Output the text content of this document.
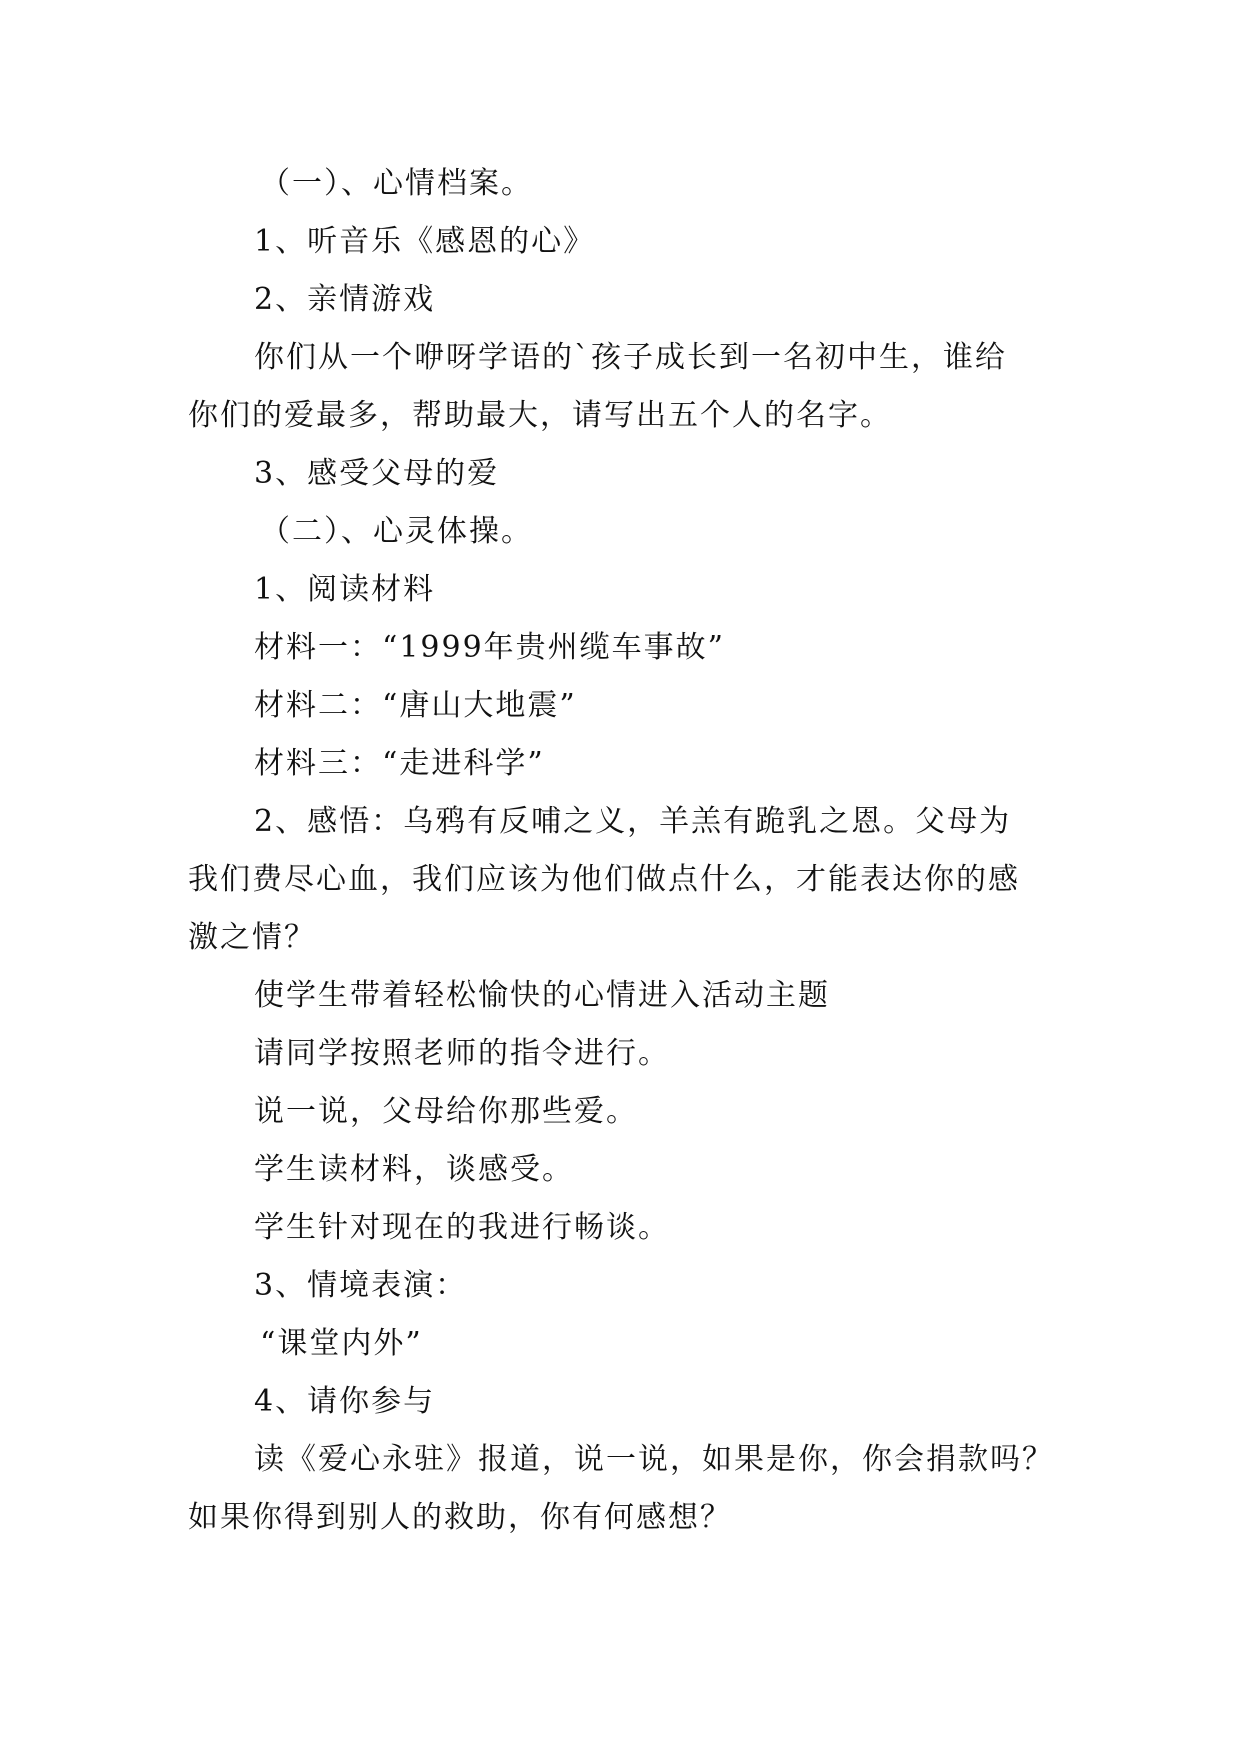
（一）、心情档案。
1、听音乐《感恩的心》
2、亲情游戏
你们从一个咿呀学语的`孩子成长到一名初中生，谁给
你们的爱最多，帮助最大，请写出五个人的名字。
3、感受父母的爱
（二）、心灵体操。
1、阅读材料
材料一：“1999年贵州缆车事故”
材料二：“唐山大地震”
材料三：“走进科学”
2、感悟：乌鸦有反哺之义，羊羔有跪乳之恩。父母为
我们费尽心血，我们应该为他们做点什么，才能表达你的感
激之情？
使学生带着轻松愉快的心情进入活动主题
请同学按照老师的指令进行。
说一说，父母给你那些爱。
学生读材料，谈感受。
学生针对现在的我进行畅谈。
3、情境表演：
“课堂内外”
4、请你参与
读《爱心永驻》报道，说一说，如果是你，你会捐款吗？
如果你得到别人的救助，你有何感想？
